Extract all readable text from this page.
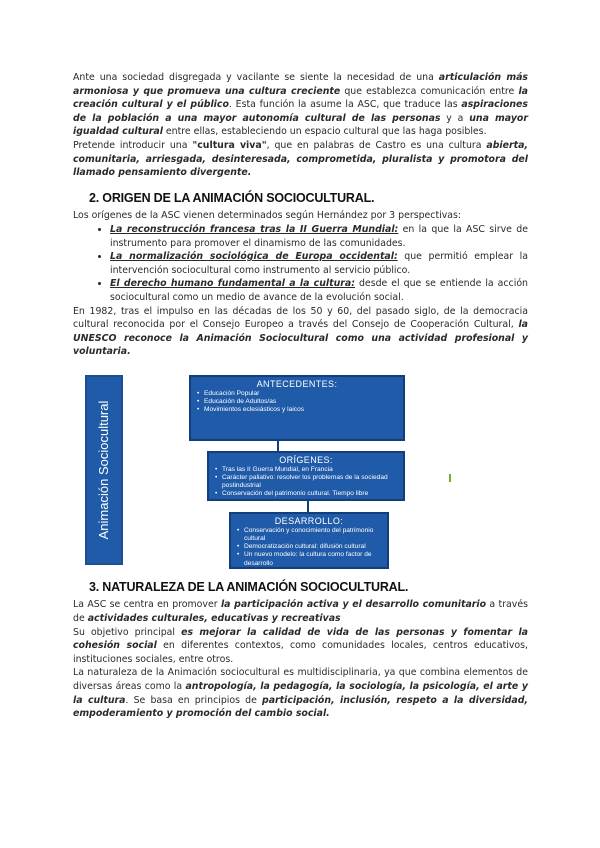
Ante una sociedad disgregada y vacilante se siente la necesidad de una articulación más armoniosa y que promueva una cultura creciente que establezca comunicación entre la creación cultural y el público. Esta función la asume la ASC, que traduce las aspiraciones de la población a una mayor autonomía cultural de las personas y a una mayor igualdad cultural entre ellas, estableciendo un espacio cultural que las haga posibles.

Pretende introducir una "cultura viva", que en palabras de Castro es una cultura abierta, comunitaria, arriesgada, desinteresada, comprometida, pluralista y promotora del llamado pensamiento divergente.

2. ORIGEN DE LA ANIMACIÓN SOCIOCULTURAL.

Los orígenes de la ASC vienen determinados según Hernández por 3 perspectivas:

• La reconstrucción francesa tras la II Guerra Mundial: en la que la ASC sirve de instrumento para promover el dinamismo de las comunidades.
• La normalización sociológica de Europa occidental: que permitió emplear la intervención sociocultural como instrumento al servicio público.
• El derecho humano fundamental a la cultura: desde el que se entiende la acción sociocultural como un medio de avance de la evolución social.

En 1982, tras el impulso en las décadas de los 50 y 60, del pasado siglo, de la democracia cultural reconocida por el Consejo Europeo a través del Consejo de Cooperación Cultural, la UNESCO reconoce la Animación Sociocultural como una actividad profesional y voluntaria.

Animación Sociocultural
ANTECEDENTES:
• Educación Popular
• Educación de Adultos/as
• Movimientos eclesiásticos y laicos
ORÍGENES:
• Tras las II Guerra Mundial, en Francia
• Carácter paliativo: resolver los problemas de la sociedad postindustrial
• Conservación del patrimonio cultural. Tiempo libre
DESARROLLO:
• Conservación y conocimiento del patrimonio cultural
• Democratización cultural: difusión cultural
• Un nuevo modelo: la cultura como factor de desarrollo
3. NATURALEZA DE LA ANIMACIÓN SOCIOCULTURAL.

La ASC se centra en promover la participación activa y el desarrollo comunitario a través de actividades culturales, educativas y recreativas

Su objetivo principal es mejorar la calidad de vida de las personas y fomentar la cohesión social en diferentes contextos, como comunidades locales, centros educativos, instituciones sociales, entre otros.

La naturaleza de la Animación sociocultural es multidisciplinaria, ya que combina elementos de diversas áreas como la antropología, la pedagogía, la sociología, la psicología, el arte y la cultura. Se basa en principios de participación, inclusión, respeto a la diversidad, empoderamiento y promoción del cambio social.
